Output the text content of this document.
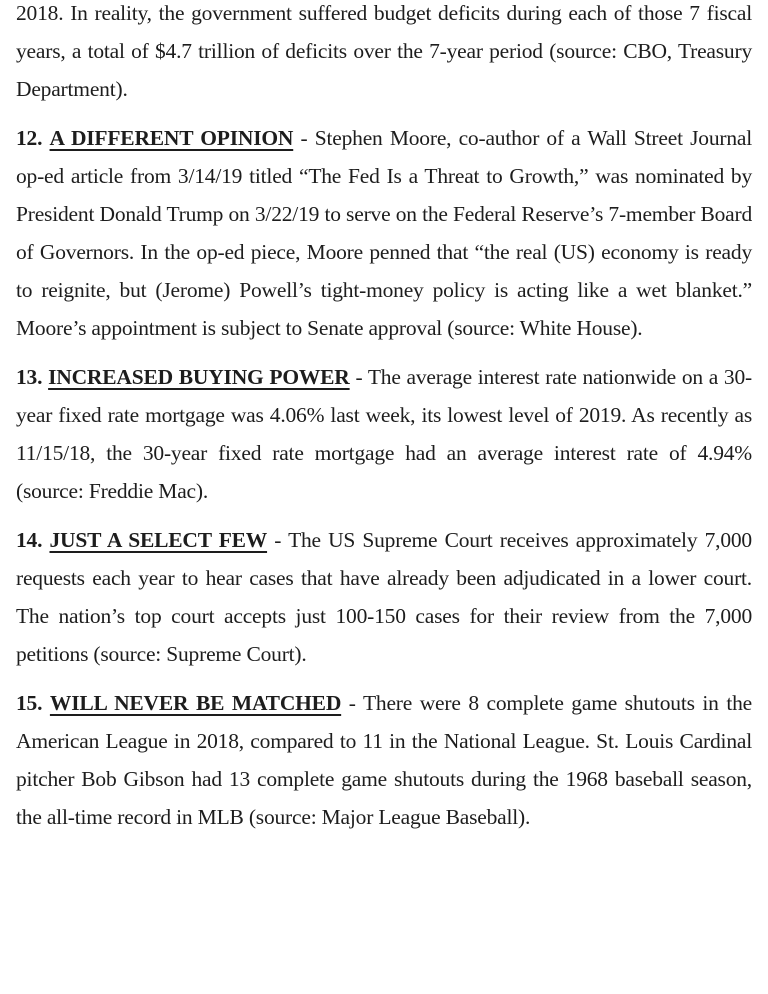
2018. In reality, the government suffered budget deficits during each of those 7 fiscal years, a total of $4.7 trillion of deficits over the 7-year period (source: CBO, Treasury Department).

12. A DIFFERENT OPINION - Stephen Moore, co-author of a Wall Street Journal op-ed article from 3/14/19 titled “The Fed Is a Threat to Growth,” was nominated by President Donald Trump on 3/22/19 to serve on the Federal Reserve’s 7-member Board of Governors. In the op-ed piece, Moore penned that “the real (US) economy is ready to reignite, but (Jerome) Powell’s tight-money policy is acting like a wet blanket.” Moore’s appointment is subject to Senate approval (source: White House).

13. INCREASED BUYING POWER - The average interest rate nationwide on a 30-year fixed rate mortgage was 4.06% last week, its lowest level of 2019. As recently as 11/15/18, the 30-year fixed rate mortgage had an average interest rate of 4.94% (source: Freddie Mac).

14. JUST A SELECT FEW - The US Supreme Court receives approximately 7,000 requests each year to hear cases that have already been adjudicated in a lower court. The nation’s top court accepts just 100-150 cases for their review from the 7,000 petitions (source: Supreme Court).

15. WILL NEVER BE MATCHED - There were 8 complete game shutouts in the American League in 2018, compared to 11 in the National League. St. Louis Cardinal pitcher Bob Gibson had 13 complete game shutouts during the 1968 baseball season, the all-time record in MLB (source: Major League Baseball).
